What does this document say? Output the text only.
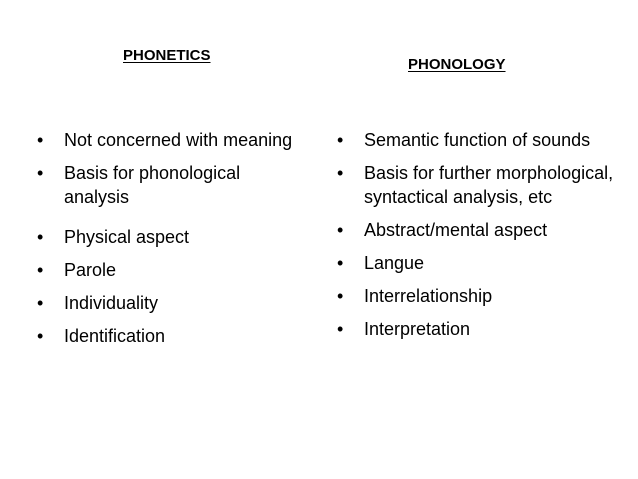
PHONETICS
PHONOLOGY
• Not concerned with meaning
• Basis for phonological analysis
• Physical aspect
• Parole
• Individuality
• Identification
• Semantic function of sounds
• Basis for further morphological, syntactical analysis, etc
• Abstract/mental aspect
• Langue
• Interrelationship
• Interpretation
